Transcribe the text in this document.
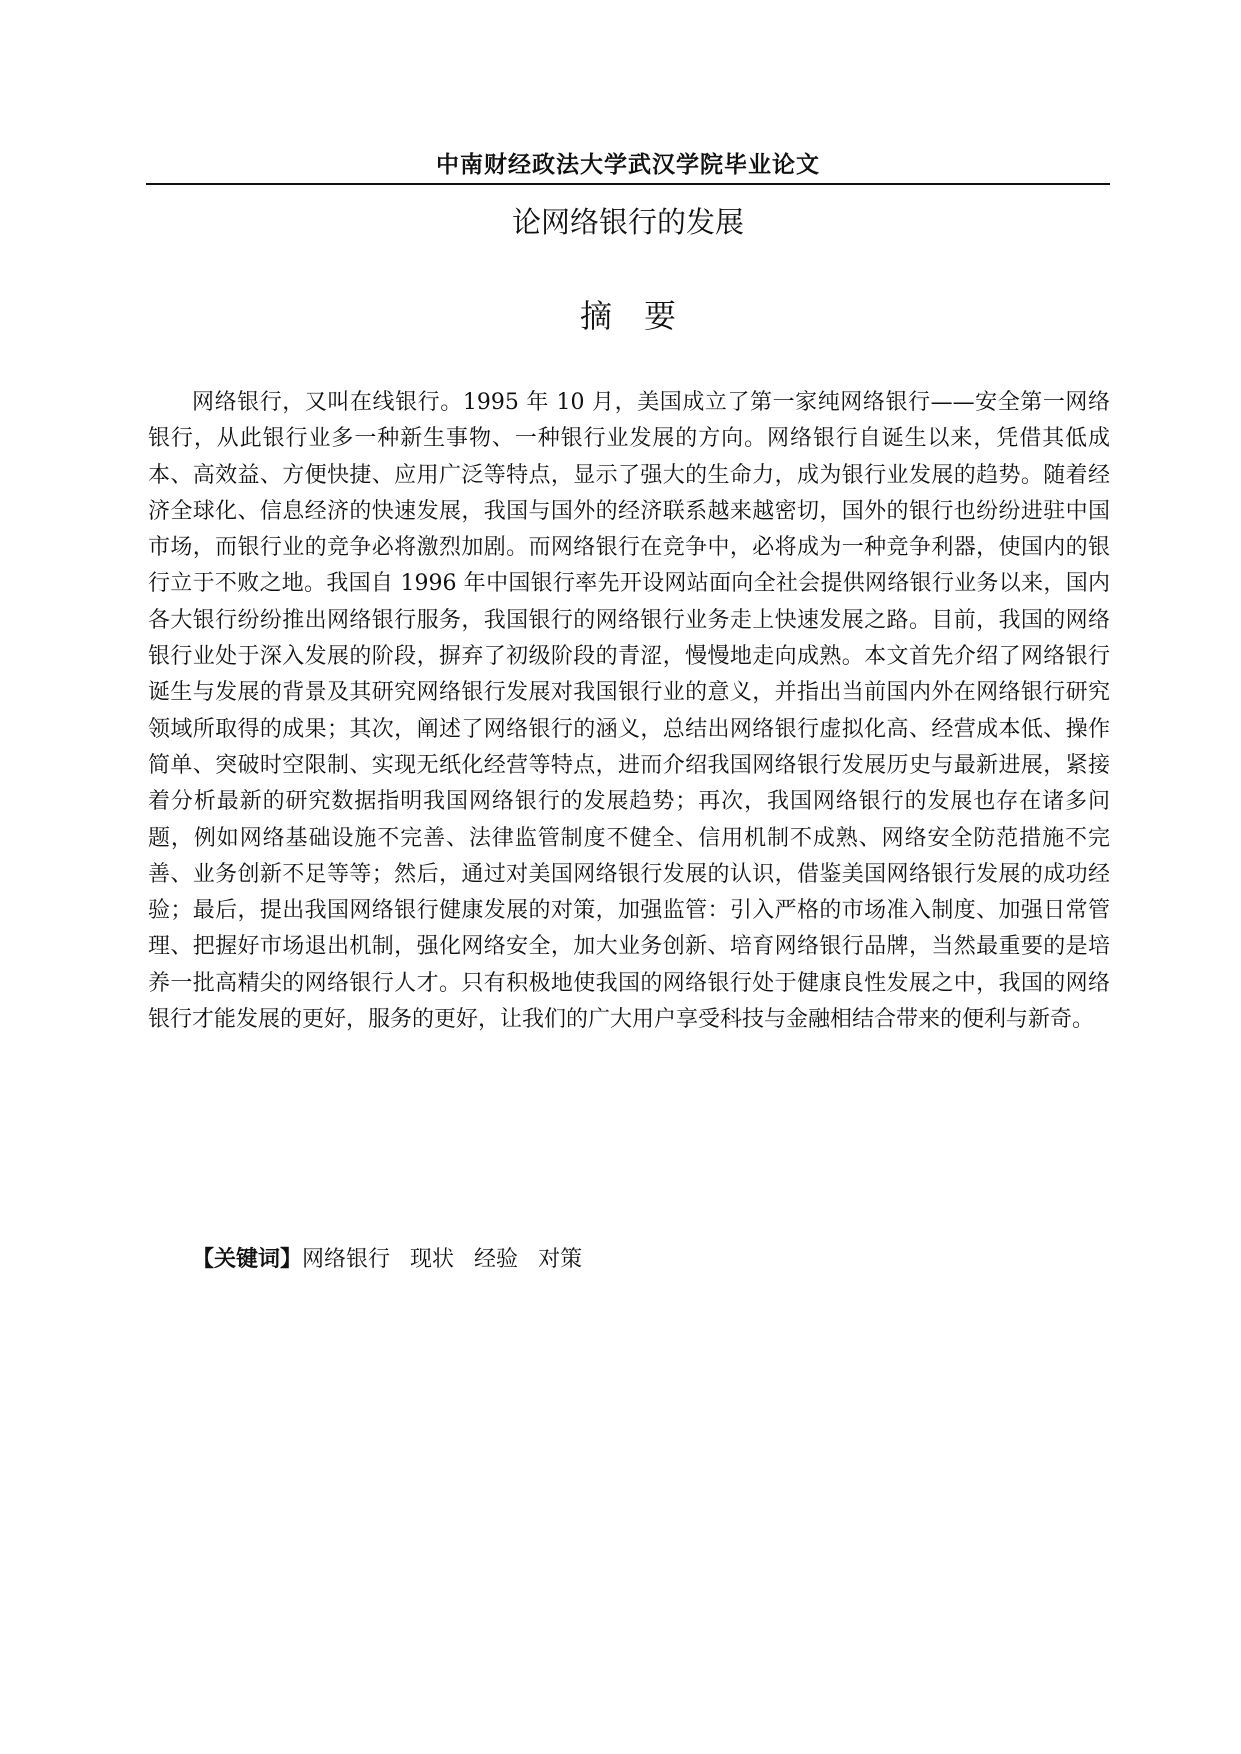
中南财经政法大学武汉学院毕业论文
论网络银行的发展
摘要

网络银行，又叫在线银行。1995 年 10 月，美国成立了第一家纯网络银行——安全第一网络银行，从此银行业多一种新生事物、一种银行业发展的方向。网络银行自诞生以来，凭借其低成本、高效益、方便快捷、应用广泛等特点，显示了强大的生命力，成为银行业发展的趋势。随着经济全球化、信息经济的快速发展，我国与国外的经济联系越来越密切，国外的银行也纷纷进驻中国市场，而银行业的竞争必将激烈加剧。而网络银行在竞争中，必将成为一种竞争利器，使国内的银行立于不败之地。我国自 1996 年中国银行率先开设网站面向全社会提供网络银行业务以来，国内各大银行纷纷推出网络银行服务，我国银行的网络银行业务走上快速发展之路。目前，我国的网络银行业处于深入发展的阶段，摒弃了初级阶段的青涩，慢慢地走向成熟。本文首先介绍了网络银行诞生与发展的背景及其研究网络银行发展对我国银行业的意义，并指出当前国内外在网络银行研究领域所取得的成果；其次，阐述了网络银行的涵义，总结出网络银行虚拟化高、经营成本低、操作简单、突破时空限制、实现无纸化经营等特点，进而介绍我国网络银行发展历史与最新进展，紧接着分析最新的研究数据指明我国网络银行的发展趋势；再次，我国网络银行的发展也存在诸多问题，例如网络基础设施不完善、法律监管制度不健全、信用机制不成熟、网络安全防范措施不完善、业务创新不足等等；然后，通过对美国网络银行发展的认识，借鉴美国网络银行发展的成功经验；最后，提出我国网络银行健康发展的对策，加强监管：引入严格的市场准入制度、加强日常管理、把握好市场退出机制，强化网络安全，加大业务创新、培育网络银行品牌，当然最重要的是培养一批高精尖的网络银行人才。只有积极地使我国的网络银行处于健康良性发展之中，我国的网络银行才能发展的更好，服务的更好，让我们的广大用户享受科技与金融相结合带来的便利与新奇。

【关键词】网络银行 现状 经验 对策
